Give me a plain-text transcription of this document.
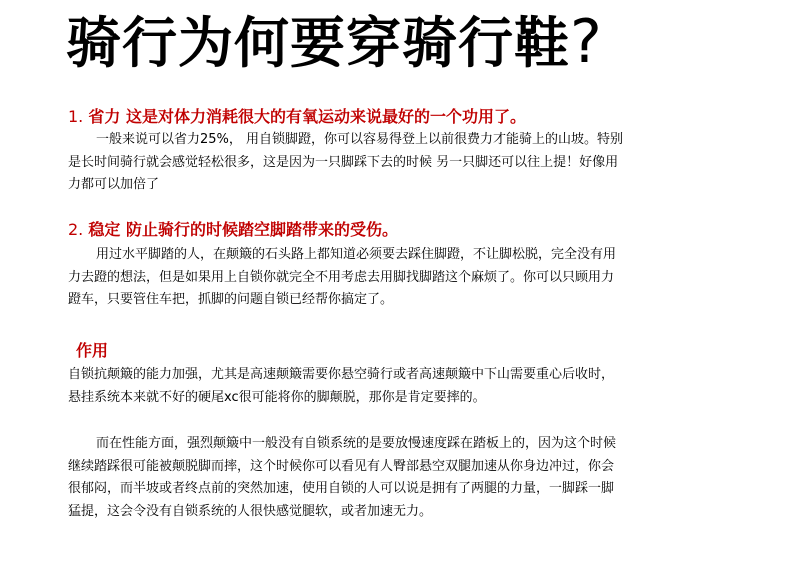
骑行为何要穿骑行鞋?
1. 省力 这是对体力消耗很大的有氧运动来说最好的一个功用了。
一般来说可以省力25%， 用自锁脚蹬，你可以容易得登上以前很费力才能骑上的山坡。特别
是长时间骑行就会感觉轻松很多，这是因为一只脚踩下去的时候 另一只脚还可以往上提！好像用
力都可以加倍了
2. 稳定 防止骑行的时候踏空脚踏带来的受伤。
用过水平脚踏的人，在颠簸的石头路上都知道必须要去踩住脚蹬，不让脚松脱，完全没有用
力去蹬的想法，但是如果用上自锁你就完全不用考虑去用脚找脚踏这个麻烦了。你可以只顾用力
蹬车，只要管住车把，抓脚的问题自锁已经帮你搞定了。
作用
自锁抗颠簸的能力加强，尤其是高速颠簸需要你悬空骑行或者高速颠簸中下山需要重心后收时，
悬挂系统本来就不好的硬尾xc很可能将你的脚颠脱，那你是肯定要摔的。
而在性能方面，强烈颠簸中一般没有自锁系统的是要放慢速度踩在踏板上的，因为这个时候
继续踏踩很可能被颠脱脚而摔，这个时候你可以看见有人臀部悬空双腿加速从你身边冲过，你会
很郁闷，而半坡或者终点前的突然加速，使用自锁的人可以说是拥有了两腿的力量，一脚踩一脚
猛提，这会令没有自锁系统的人很快感觉腿软，或者加速无力。
